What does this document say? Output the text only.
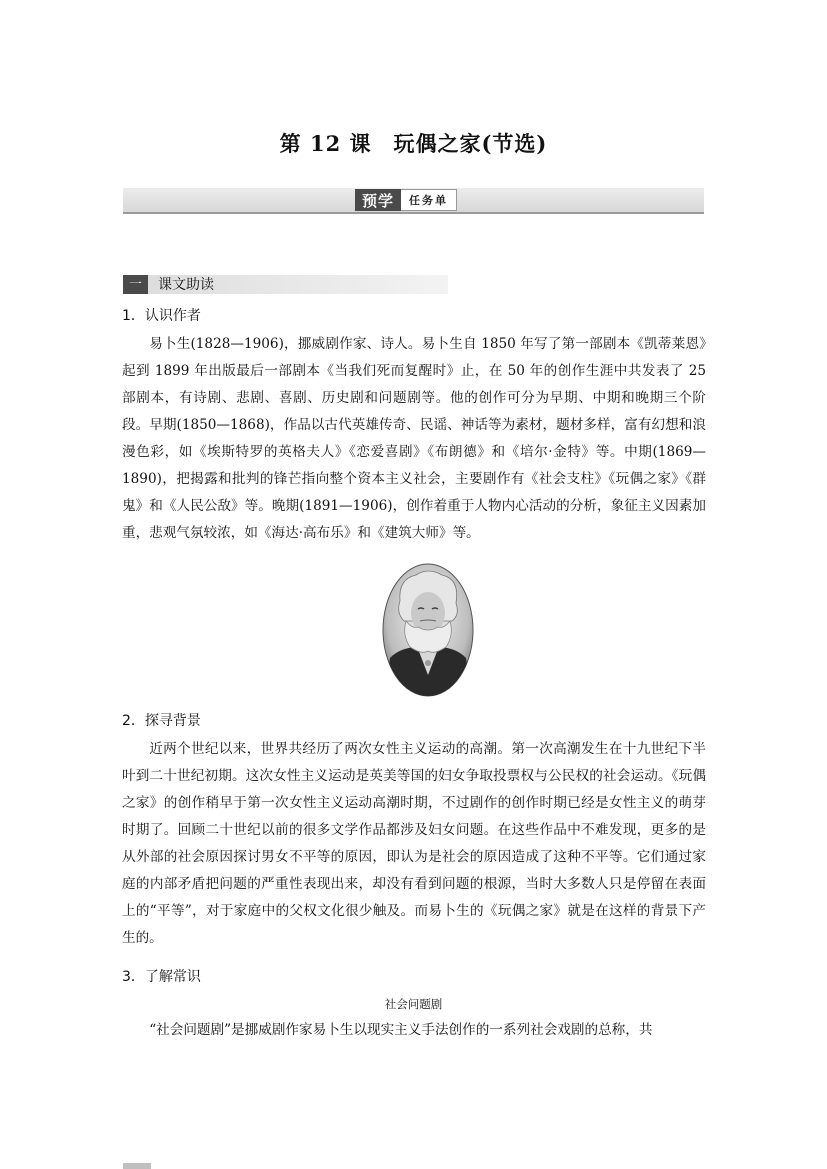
第 12 课　玩偶之家(节选)
预学	任务单
一	课文助读
1．认识作者

易卜生(1828—1906)，挪威剧作家、诗人。易卜生自 1850 年写了第一部剧本《凯蒂莱恩》起到 1899 年出版最后一部剧本《当我们死而复醒时》止，在 50 年的创作生涯中共发表了 25 部剧本，有诗剧、悲剧、喜剧、历史剧和问题剧等。他的创作可分为早期、中期和晚期三个阶段。早期(1850—1868)，作品以古代英雄传奇、民谣、神话等为素材，题材多样，富有幻想和浪漫色彩，如《埃斯特罗的英格夫人》《恋爱喜剧》《布朗德》和《培尔·金特》等。中期(1869—1890)，把揭露和批判的锋芒指向整个资本主义社会，主要剧作有《社会支柱》《玩偶之家》《群鬼》和《人民公敌》等。晚期(1891—1906)，创作着重于人物内心活动的分析，象征主义因素加重，悲观气氛较浓，如《海达·高布乐》和《建筑大师》等。

2．探寻背景

近两个世纪以来，世界共经历了两次女性主义运动的高潮。第一次高潮发生在十九世纪下半叶到二十世纪初期。这次女性主义运动是英美等国的妇女争取投票权与公民权的社会运动。《玩偶之家》的创作稍早于第一次女性主义运动高潮时期，不过剧作的创作时期已经是女性主义的萌芽时期了。回顾二十世纪以前的很多文学作品都涉及妇女问题。在这些作品中不难发现，更多的是从外部的社会原因探讨男女不平等的原因，即认为是社会的原因造成了这种不平等。它们通过家庭的内部矛盾把问题的严重性表现出来，却没有看到问题的根源，当时大多数人只是停留在表面上的“平等”，对于家庭中的父权文化很少触及。而易卜生的《玩偶之家》就是在这样的背景下产生的。

3．了解常识
社会问题剧

“社会问题剧”是挪威剧作家易卜生以现实主义手法创作的一系列社会戏剧的总称，共
